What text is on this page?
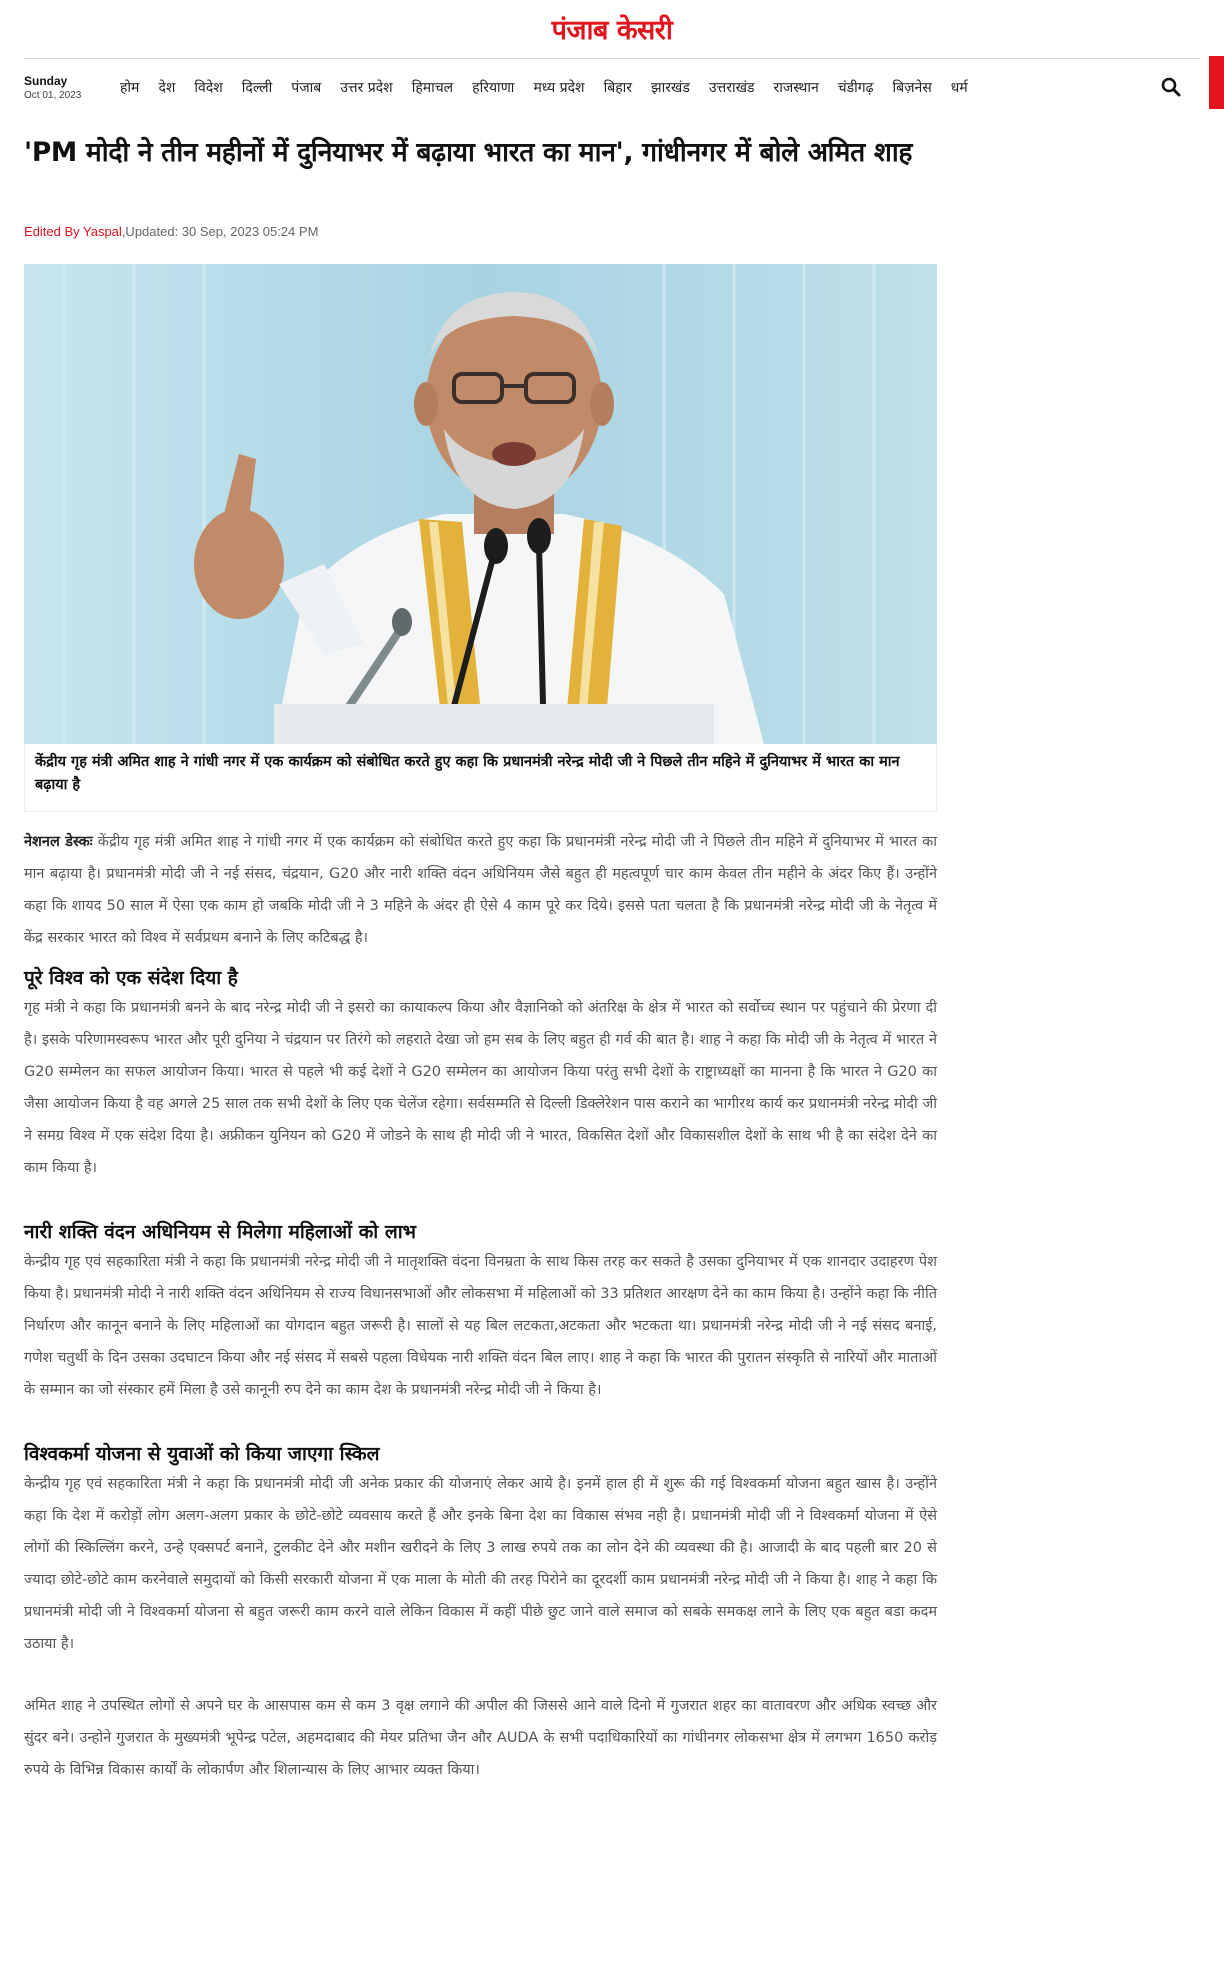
पंजाब केसरी
Sunday
Oct 01, 2023	होम देश विदेश दिल्ली पंजाब उत्तर प्रदेश हिमाचल हरियाणा मध्य प्रदेश बिहार झारखंड उत्तराखंड राजस्थान चंडीगढ़ बिज़नेस धर्म
'PM मोदी ने तीन महीनों में दुनियाभर में बढ़ाया भारत का मान', गांधीनगर में बोले अमित शाह
Edited By Yaspal,Updated: 30 Sep, 2023 05:24 PM

केंद्रीय गृह मंत्री अमित शाह ने गांधी नगर में एक कार्यक्रम को संबोधित करते हुए कहा कि प्रधानमंत्री नरेन्द्र मोदी जी ने पिछले तीन महिने में दुनियाभर में भारत का मान बढ़ाया है

नेशनल डेस्कः केंद्रीय गृह मंत्री अमित शाह ने गांधी नगर में एक कार्यक्रम को संबोधित करते हुए कहा कि प्रधानमंत्री नरेन्द्र मोदी जी ने पिछले तीन महिने में दुनियाभर में भारत का मान बढ़ाया है। प्रधानमंत्री मोदी जी ने नई संसद, चंद्रयान, G20 और नारी शक्ति वंदन अधिनियम जैसे बहुत ही महत्वपूर्ण चार काम केवल तीन महीने के अंदर किए हैं। उन्होंने कहा कि शायद 50 साल में ऐसा एक काम हो जबकि मोदी जी ने 3 महिने के अंदर ही ऐसे 4 काम पूरे कर दिये। इससे पता चलता है कि प्रधानमंत्री नरेन्द्र मोदी जी के नेतृत्व में केंद्र सरकार भारत को विश्व में सर्वप्रथम बनाने के लिए कटिबद्ध है।

पूरे विश्व को एक संदेश दिया है

गृह मंत्री ने कहा कि प्रधानमंत्री बनने के बाद नरेन्द्र मोदी जी ने इसरो का कायाकल्प किया और वैज्ञानिको को अंतरिक्ष के क्षेत्र में भारत को सर्वोच्च स्थान पर पहुंचाने की प्रेरणा दी है। इसके परिणामस्वरूप भारत और पूरी दुनिया ने चंद्रयान पर तिरंगे को लहराते देखा जो हम सब के लिए बहुत ही गर्व की बात है। शाह ने कहा कि मोदी जी के नेतृत्व में भारत ने G20 सम्मेलन का सफल आयोजन किया। भारत से पहले भी कई देशों ने G20 सम्मेलन का आयोजन किया परंतु सभी देशों के राष्ट्राध्यक्षों का मानना है कि भारत ने G20 का जैसा आयोजन किया है वह अगले 25 साल तक सभी देशों के लिए एक चेलेंज रहेगा। सर्वसम्मति से दिल्ली डिक्लेरेशन पास कराने का भागीरथ कार्य कर प्रधानमंत्री नरेन्द्र मोदी जी ने समग्र विश्व में एक संदेश दिया है। अफ्रीकन युनियन को G20 में जोडने के साथ ही मोदी जी ने भारत, विकसित देशों और विकासशील देशों के साथ भी है का संदेश देने का काम किया है।

नारी शक्ति वंदन अधिनियम से मिलेगा महिलाओं को लाभ

केन्द्रीय गृह एवं सहकारिता मंत्री ने कहा कि प्रधानमंत्री नरेन्द्र मोदी जी ने मातृशक्ति वंदना विनम्रता के साथ किस तरह कर सकते है उसका दुनियाभर में एक शानदार उदाहरण पेश किया है। प्रधानमंत्री मोदी ने नारी शक्ति वंदन अधिनियम से राज्य विधानसभाओं और लोकसभा में महिलाओं को 33 प्रतिशत आरक्षण देने का काम किया है। उन्होंने कहा कि नीति निर्धारण और कानून बनाने के लिए महिलाओं का योगदान बहुत जरूरी है। सालों से यह बिल लटकता,अटकता और भटकता था। प्रधानमंत्री नरेन्द्र मोदी जी ने नई संसद बनाई, गणेश चतुर्थी के दिन उसका उदघाटन किया और नई संसद में सबसे पहला विधेयक नारी शक्ति वंदन बिल लाए। शाह ने कहा कि भारत की पुरातन संस्कृति से नारियों और माताओं के सम्मान का जो संस्कार हमें मिला है उसे कानूनी रुप देने का काम देश के प्रधानमंत्री नरेन्द्र मोदी जी ने किया है।

विश्वकर्मा योजना से युवाओं को किया जाएगा स्किल

केन्द्रीय गृह एवं सहकारिता मंत्री ने कहा कि प्रधानमंत्री मोदी जी अनेक प्रकार की योजनाएं लेकर आये है। इनमें हाल ही में शुरू की गई विश्वकर्मा योजना बहुत खास है। उन्होंने कहा कि देश में करोड़ों लोग अलग-अलग प्रकार के छोटे-छोटे व्यवसाय करते हैं और इनके बिना देश का विकास संभव नही है। प्रधानमंत्री मोदी जी ने विश्वकर्मा योजना में ऐसे लोगों की स्किल्लिंग करने, उन्हे एक्सपर्ट बनाने, टुलकीट देने और मशीन खरीदने के लिए 3 लाख रुपये तक का लोन देने की व्यवस्था की है। आजादी के बाद पहली बार 20 से ज्यादा छोटे-छोटे काम करनेवाले समुदायों को किसी सरकारी योजना में एक माला के मोती की तरह पिरोने का दूरदर्शी काम प्रधानमंत्री नरेन्द्र मोदी जी ने किया है। शाह ने कहा कि प्रधानमंत्री मोदी जी ने विश्वकर्मा योजना से बहुत जरूरी काम करने वाले लेकिन विकास में कहीं पीछे छुट जाने वाले समाज को सबके समकक्ष लाने के लिए एक बहुत बडा कदम उठाया है।

अमित शाह ने उपस्थित लोगों से अपने घर के आसपास कम से कम 3 वृक्ष लगाने की अपील की जिससे आने वाले दिनो में गुजरात शहर का वातावरण और अधिक स्वच्छ और सुंदर बने। उन्होने गुजरात के मुख्यमंत्री भूपेन्द्र पटेल, अहमदाबाद की मेयर प्रतिभा जैन और AUDA के सभी पदाधिकारियों का गांधीनगर लोकसभा क्षेत्र में लगभग 1650 करोड़ रुपये के विभिन्न विकास कार्यों के लोकार्पण और शिलान्यास के लिए आभार व्यक्त किया।
